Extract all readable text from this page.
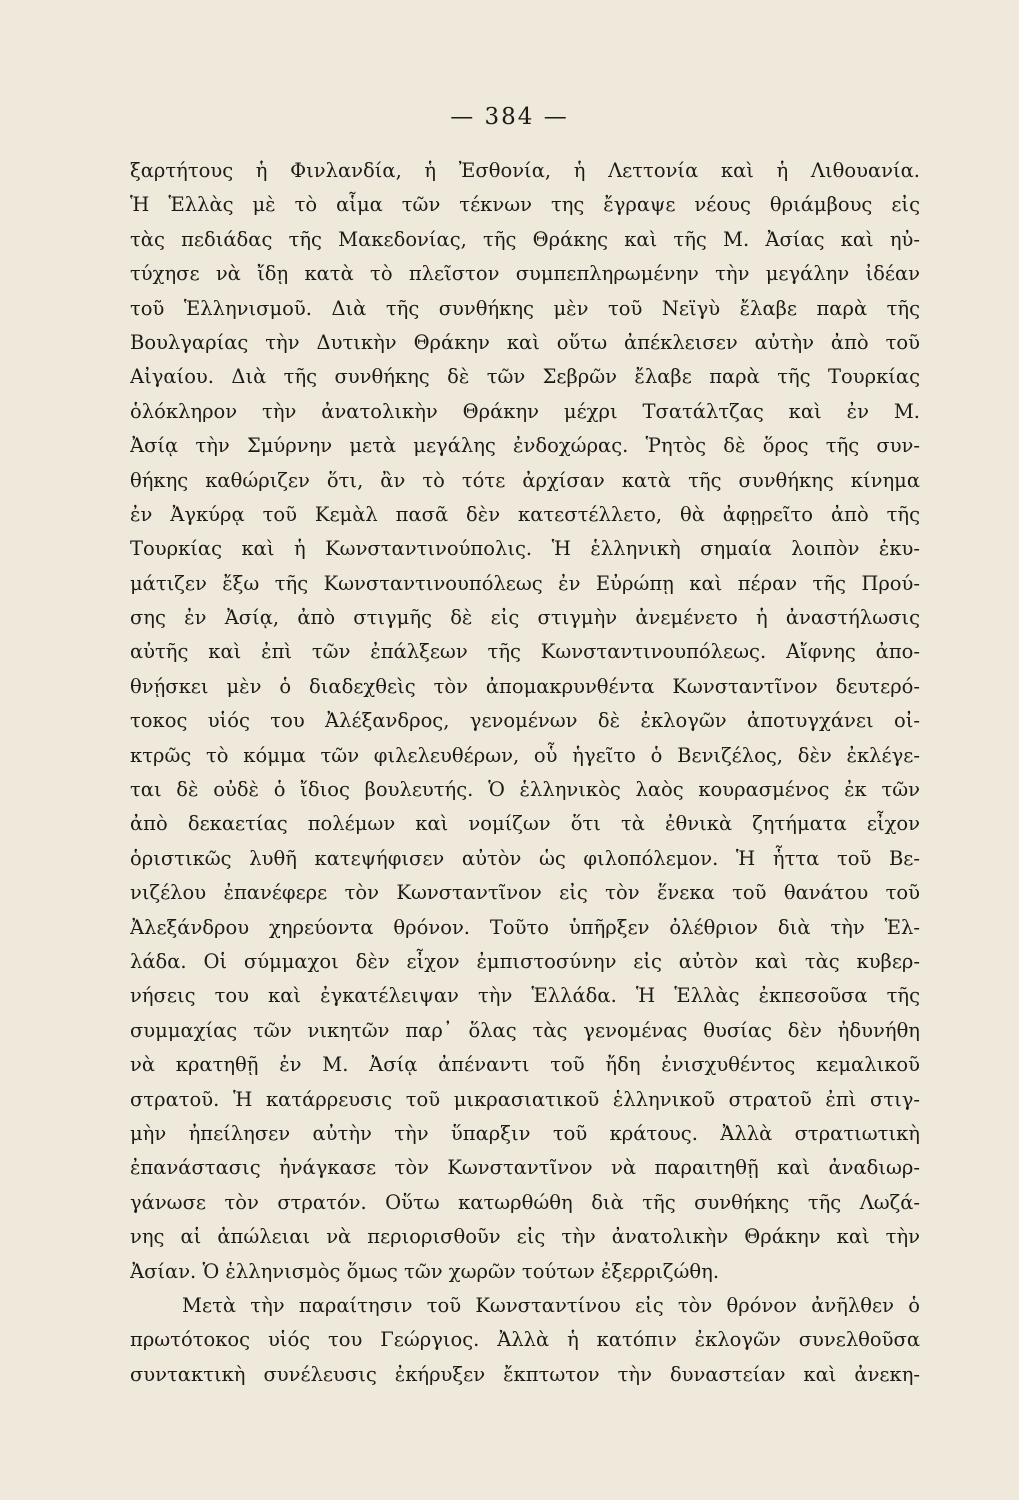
— 384 —
ξαρτήτους ἡ Φινλανδία, ἡ Ἐσθονία, ἡ Λεττονία καὶ ἡ Λιθουανία.
Ἡ Ἑλλὰς μὲ τὸ αἷμα τῶν τέκνων της ἔγραψε νέους θριάμβους εἰς
τὰς πεδιάδας τῆς Μακεδονίας, τῆς Θράκης καὶ τῆς Μ. Ἀσίας καὶ ηὐ-
τύχησε νὰ ἴδῃ κατὰ τὸ πλεῖστον συμπεπληρωμένην τὴν μεγάλην ἰδέαν
τοῦ Ἑλληνισμοῦ. Διὰ τῆς συνθήκης μὲν τοῦ Νεϊγὺ ἔλαβε παρὰ τῆς
Βουλγαρίας τὴν Δυτικὴν Θράκην καὶ οὕτω ἀπέκλεισεν αὐτὴν ἀπὸ τοῦ
Αἰγαίου. Διὰ τῆς συνθήκης δὲ τῶν Σεβρῶν ἔλαβε παρὰ τῆς Τουρκίας
ὁλόκληρον τὴν ἀνατολικὴν Θράκην μέχρι Τσατάλτζας καὶ ἐν Μ.
Ἀσίᾳ τὴν Σμύρνην μετὰ μεγάλης ἐνδοχώρας. Ῥητὸς δὲ ὅρος τῆς συν-
θήκης καθώριζεν ὅτι, ἂν τὸ τότε ἀρχίσαν κατὰ τῆς συνθήκης κίνημα
ἐν Ἀγκύρᾳ τοῦ Κεμὰλ πασᾶ δὲν κατεστέλλετο, θὰ ἀφῃρεῖτο ἀπὸ τῆς
Τουρκίας καὶ ἡ Κωνσταντινούπολις. Ἡ ἑλληνικὴ σημαία λοιπὸν ἐκυ-
μάτιζεν ἔξω τῆς Κωνσταντινουπόλεως ἐν Εὐρώπῃ καὶ πέραν τῆς Πρού-
σης ἐν Ἀσίᾳ, ἀπὸ στιγμῆς δὲ εἰς στιγμὴν ἀνεμένετο ἡ ἀναστήλωσις
αὐτῆς καὶ ἐπὶ τῶν ἐπάλξεων τῆς Κωνσταντινουπόλεως. Αἴφνης ἀπο-
θνῄσκει μὲν ὁ διαδεχθεὶς τὸν ἀπομακρυνθέντα Κωνσταντῖνον δευτερό-
τοκος υἱός του Ἀλέξανδρος, γενομένων δὲ ἐκλογῶν ἀποτυγχάνει οἰ-
κτρῶς τὸ κόμμα τῶν φιλελευθέρων, οὗ ἡγεῖτο ὁ Βενιζέλος, δὲν ἐκλέγε-
ται δὲ οὐδὲ ὁ ἴδιος βουλευτής. Ὁ ἑλληνικὸς λαὸς κουρασμένος ἐκ τῶν
ἀπὸ δεκαετίας πολέμων καὶ νομίζων ὅτι τὰ ἐθνικὰ ζητήματα εἶχον
ὁριστικῶς λυθῆ κατεψήφισεν αὐτὸν ὡς φιλοπόλεμον. Ἡ ἧττα τοῦ Βε-
νιζέλου ἐπανέφερε τὸν Κωνσταντῖνον εἰς τὸν ἕνεκα τοῦ θανάτου τοῦ
Ἀλεξάνδρου χηρεύοντα θρόνον. Τοῦτο ὑπῆρξεν ὀλέθριον διὰ τὴν Ἑλ-
λάδα. Οἱ σύμμαχοι δὲν εἶχον ἐμπιστοσύνην εἰς αὐτὸν καὶ τὰς κυβερ-
νήσεις του καὶ ἐγκατέλειψαν τὴν Ἑλλάδα. Ἡ Ἑλλὰς ἐκπεσοῦσα τῆς
συμμαχίας τῶν νικητῶν παρ᾽ ὅλας τὰς γενομένας θυσίας δὲν ἠδυνήθη
νὰ κρατηθῇ ἐν Μ. Ἀσίᾳ ἀπέναντι τοῦ ἤδη ἐνισχυθέντος κεμαλικοῦ
στρατοῦ. Ἡ κατάρρευσις τοῦ μικρασιατικοῦ ἑλληνικοῦ στρατοῦ ἐπὶ στιγ-
μὴν ἠπείλησεν αὐτὴν τὴν ὕπαρξιν τοῦ κράτους. Ἀλλὰ στρατιωτικὴ
ἐπανάστασις ἠνάγκασε τὸν Κωνσταντῖνον νὰ παραιτηθῇ καὶ ἀναδιωρ-
γάνωσε τὸν στρατόν. Οὕτω κατωρθώθη διὰ τῆς συνθήκης τῆς Λωζά-
νης αἱ ἀπώλειαι νὰ περιορισθοῦν εἰς τὴν ἀνατολικὴν Θράκην καὶ τὴν
Ἀσίαν. Ὁ ἑλληνισμὸς ὅμως τῶν χωρῶν τούτων ἐξερριζώθη.
Μετὰ τὴν παραίτησιν τοῦ Κωνσταντίνου εἰς τὸν θρόνον ἀνῆλθεν ὁ
πρωτότοκος υἱός του Γεώργιος. Ἀλλὰ ἡ κατόπιν ἐκλογῶν συνελθοῦσα
συντακτικὴ συνέλευσις ἐκήρυξεν ἔκπτωτον τὴν δυναστείαν καὶ ἀνεκη-
